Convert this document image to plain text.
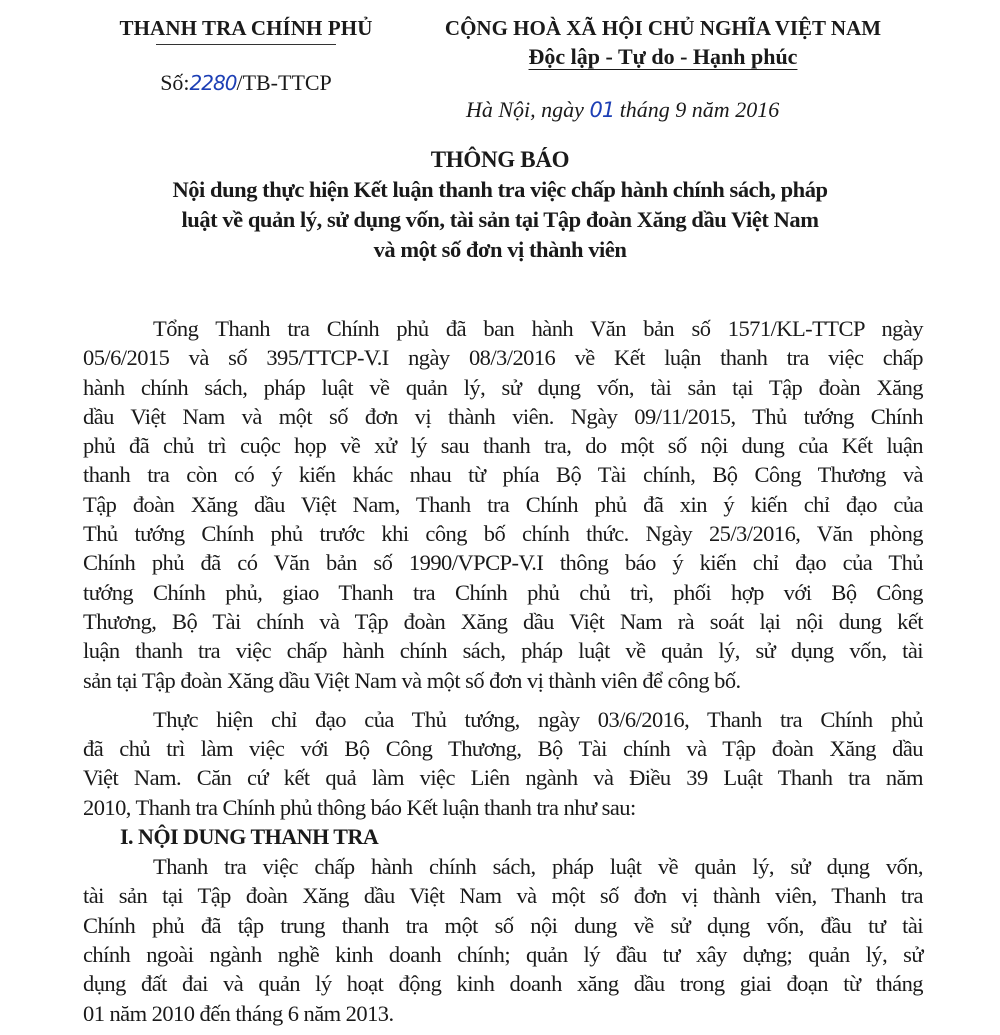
THANH TRA CHÍNH PHỦ
Số:2280/TB-TTCP
CỘNG HOÀ XÃ HỘI CHỦ NGHĨA VIỆT NAM
Độc lập - Tự do - Hạnh phúc
Hà Nội, ngày 01 tháng 9 năm 2016
THÔNG BÁO
Nội dung thực hiện Kết luận thanh tra việc chấp hành chính sách, pháp
luật về quản lý, sử dụng vốn, tài sản tại Tập đoàn Xăng dầu Việt Nam
và một số đơn vị thành viên
Tổng Thanh tra Chính phủ đã ban hành Văn bản số 1571/KL-TTCP ngày
05/6/2015 và số 395/TTCP-V.I ngày 08/3/2016 về Kết luận thanh tra việc chấp
hành chính sách, pháp luật về quản lý, sử dụng vốn, tài sản tại Tập đoàn Xăng
dầu Việt Nam và một số đơn vị thành viên. Ngày 09/11/2015, Thủ tướng Chính
phủ đã chủ trì cuộc họp về xử lý sau thanh tra, do một số nội dung của Kết luận
thanh tra còn có ý kiến khác nhau từ phía Bộ Tài chính, Bộ Công Thương và
Tập đoàn Xăng dầu Việt Nam, Thanh tra Chính phủ đã xin ý kiến chỉ đạo của
Thủ tướng Chính phủ trước khi công bố chính thức. Ngày 25/3/2016, Văn phòng
Chính phủ đã có Văn bản số 1990/VPCP-V.I thông báo ý kiến chỉ đạo của Thủ
tướng Chính phủ, giao Thanh tra Chính phủ chủ trì, phối hợp với Bộ Công
Thương, Bộ Tài chính và Tập đoàn Xăng dầu Việt Nam rà soát lại nội dung kết
luận thanh tra việc chấp hành chính sách, pháp luật về quản lý, sử dụng vốn, tài
sản tại Tập đoàn Xăng dầu Việt Nam và một số đơn vị thành viên để công bố.
Thực hiện chỉ đạo của Thủ tướng, ngày 03/6/2016, Thanh tra Chính phủ
đã chủ trì làm việc với Bộ Công Thương, Bộ Tài chính và Tập đoàn Xăng dầu
Việt Nam. Căn cứ kết quả làm việc Liên ngành và Điều 39 Luật Thanh tra năm
2010, Thanh tra Chính phủ thông báo Kết luận thanh tra như sau:
I. NỘI DUNG THANH TRA
Thanh tra việc chấp hành chính sách, pháp luật về quản lý, sử dụng vốn,
tài sản tại Tập đoàn Xăng dầu Việt Nam và một số đơn vị thành viên, Thanh tra
Chính phủ đã tập trung thanh tra một số nội dung về sử dụng vốn, đầu tư tài
chính ngoài ngành nghề kinh doanh chính; quản lý đầu tư xây dựng; quản lý, sử
dụng đất đai và quản lý hoạt động kinh doanh xăng dầu trong giai đoạn từ tháng
01 năm 2010 đến tháng 6 năm 2013.
